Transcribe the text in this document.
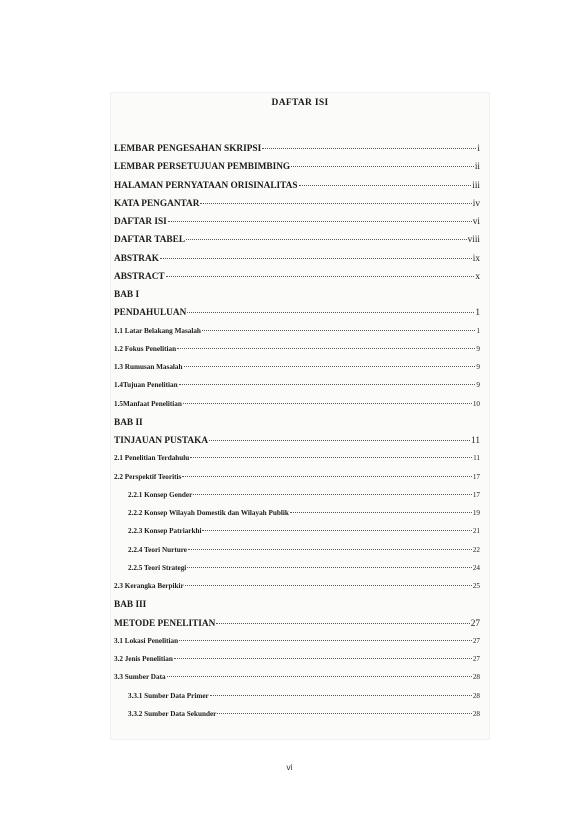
DAFTAR ISI
LEMBAR PENGESAHAN SKRIPSI	i
LEMBAR PERSETUJUAN PEMBIMBING	ii
HALAMAN PERNYATAAN ORISINALITAS	iii
KATA PENGANTAR	iv
DAFTAR ISI	vi
DAFTAR TABEL	viii
ABSTRAK	ix
ABSTRACT	x
BAB I
PENDAHULUAN	1
1.1 Latar Belakang Masalah	1
1.2 Fokus Penelitian	9
1.3 Rumusan Masalah	9
1.4Tujuan Penelitian	9
1.5Manfaat Penelitian	10
BAB II
TINJAUAN PUSTAKA	11
2.1 Penelitian Terdahulu	11
2.2 Perspektif Teoritis	17
2.2.1 Konsep Gender	17
2.2.2 Konsep Wilayah Domestik dan Wilayah Publik	19
2.2.3 Konsep Patriarkhi	21
2.2.4 Teori Nurture	22
2.2.5 Teori Strategi	24
2.3 Kerangka Berpikir	25
BAB III
METODE PENELITIAN	27
3.1 Lokasi Penelitian	27
3.2 Jenis Penelitian	27
3.3 Sumber Data	28
3.3.1 Sumber Data Primer	28
3.3.2 Sumber Data Sekunder	28
vi
